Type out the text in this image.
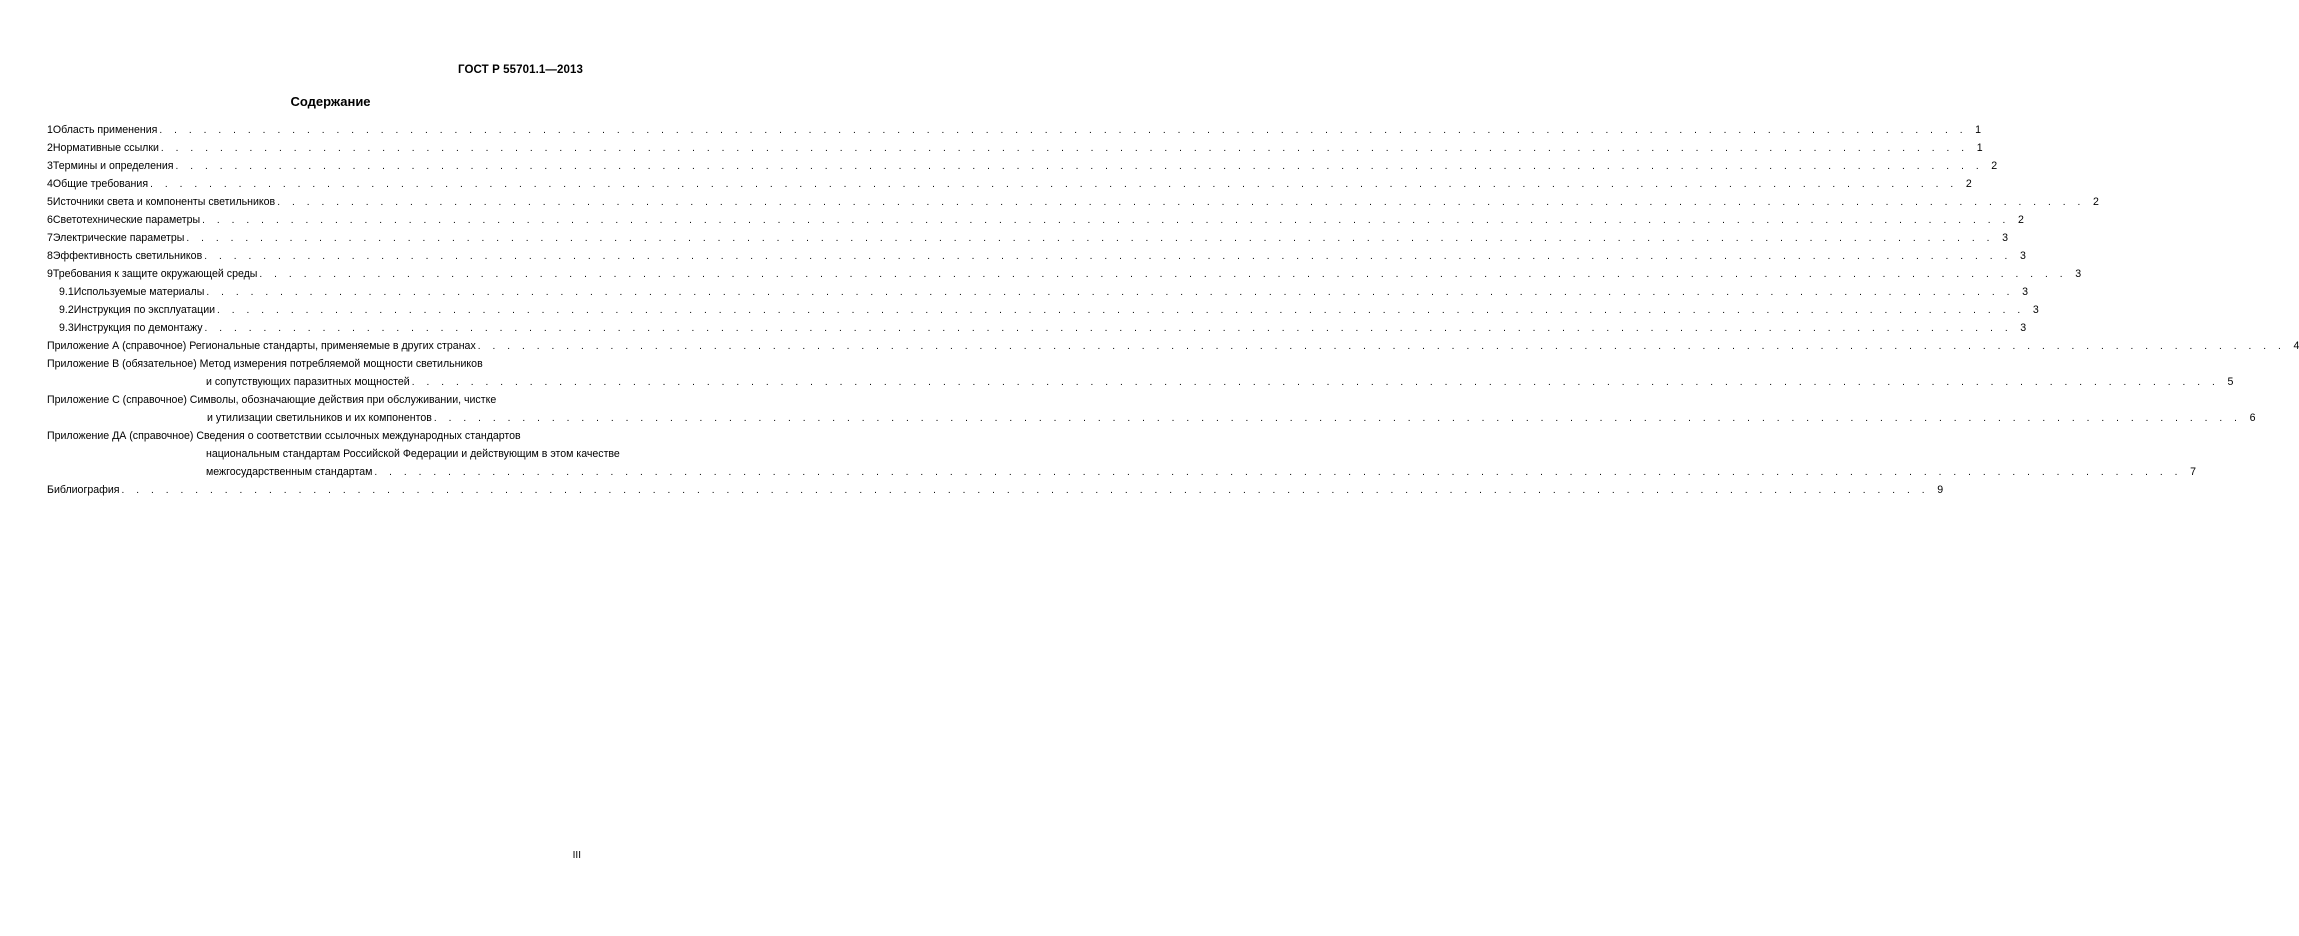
ГОСТ Р 55701.1—2013
Содержание
1 Область применения . . . . . . . . . . . . . . . . . . . . . . . . . . . . . . . . . . . . . . . . . . . . . . . . . . . . . . . . . . . . . . . . . . . . . . . . . . . . . . . . . . . . . . . . . . . . . . . . . . . . . . . . . . . . . . . . . . . . . . . . . . . 1
2 Нормативные ссылки . . . . . . . . . . . . . . . . . . . . . . . . . . . . . . . . . . . . . . . . . . . . . . . . . . . . . . . . . . . . . . . . . . . . . . . . . . . . . . . . . . . . . . . . . . . . . . . . . . . . . . . . . . . . . . . . . . . . . . . . . . . 1
3 Термины и определения . . . . . . . . . . . . . . . . . . . . . . . . . . . . . . . . . . . . . . . . . . . . . . . . . . . . . . . . . . . . . . . . . . . . . . . . . . . . . . . . . . . . . . . . . . . . . . . . . . . . . . . . . . . . . . . . . . . . . . . . . . . 2
4 Общие требования . . . . . . . . . . . . . . . . . . . . . . . . . . . . . . . . . . . . . . . . . . . . . . . . . . . . . . . . . . . . . . . . . . . . . . . . . . . . . . . . . . . . . . . . . . . . . . . . . . . . . . . . . . . . . . . . . . . . . . . . . . . 2
5 Источники света и компоненты светильников . . . . . . . . . . . . . . . . . . . . . . . . . . . . . . . . . . . . . . . . . . . . . . . . . . . . . . . . . . . . . . . . . . . . . . . . . . . . . . . . . . . . . . . . . . . . . . . . . . . . . . . . . . . . . . . . . . . . . . . . . . . 2
6 Светотехнические параметры . . . . . . . . . . . . . . . . . . . . . . . . . . . . . . . . . . . . . . . . . . . . . . . . . . . . . . . . . . . . . . . . . . . . . . . . . . . . . . . . . . . . . . . . . . . . . . . . . . . . . . . . . . . . . . . . . . . . . . . . . . . 2
7 Электрические параметры . . . . . . . . . . . . . . . . . . . . . . . . . . . . . . . . . . . . . . . . . . . . . . . . . . . . . . . . . . . . . . . . . . . . . . . . . . . . . . . . . . . . . . . . . . . . . . . . . . . . . . . . . . . . . . . . . . . . . . . . . . . 3
8 Эффективность светильников . . . . . . . . . . . . . . . . . . . . . . . . . . . . . . . . . . . . . . . . . . . . . . . . . . . . . . . . . . . . . . . . . . . . . . . . . . . . . . . . . . . . . . . . . . . . . . . . . . . . . . . . . . . . . . . . . . . . . . . . . . . 3
9 Требования к защите окружающей среды . . . . . . . . . . . . . . . . . . . . . . . . . . . . . . . . . . . . . . . . . . . . . . . . . . . . . . . . . . . . . . . . . . . . . . . . . . . . . . . . . . . . . . . . . . . . . . . . . . . . . . . . . . . . . . . . . . . . . . . . . . . 3
9.1 Используемые материалы . . . . . . . . . . . . . . . . . . . . . . . . . . . . . . . . . . . . . . . . . . . . . . . . . . . . . . . . . . . . . . . . . . . . . . . . . . . . . . . . . . . . . . . . . . . . . . . . . . . . . . . . . . . . . . . . . . . . . . . . . . . 3
9.2 Инструкция по эксплуатации . . . . . . . . . . . . . . . . . . . . . . . . . . . . . . . . . . . . . . . . . . . . . . . . . . . . . . . . . . . . . . . . . . . . . . . . . . . . . . . . . . . . . . . . . . . . . . . . . . . . . . . . . . . . . . . . . . . . . . . . . . . 3
9.3 Инструкция по демонтажу . . . . . . . . . . . . . . . . . . . . . . . . . . . . . . . . . . . . . . . . . . . . . . . . . . . . . . . . . . . . . . . . . . . . . . . . . . . . . . . . . . . . . . . . . . . . . . . . . . . . . . . . . . . . . . . . . . . . . . . . . . . 3
Приложение А (справочное) Региональные стандарты, применяемые в других странах . . . . . . . . . . . . . . . . . . . . . . . . . . . . . . . . . . . . . . . . . . . . . . . . . . . . . . . . . . . . . . . . . . . . . . . . . . . . . . . . . . . . . . . . . . . . . . . . . . . . . . . . . . . . . . . . . . . . . . . . . . . 4
Приложение В (обязательное) Метод измерения потребляемой мощности светильников
и сопутствующих паразитных мощностей . . . . . . . . . . . . . . . . . . . . . . . . . . . . . . . . . . . . . . . . . . . . . . . . . . . . . . . . . . . . . . . . . . . . . . . . . . . . . . . . . . . . . . . . . . . . . . . . . . . . . . . . . . . . . . . . . . . . . . . . . . . 5
Приложение С (справочное) Символы, обозначающие действия при обслуживании, чистке
и утилизации светильников и их компонентов . . . . . . . . . . . . . . . . . . . . . . . . . . . . . . . . . . . . . . . . . . . . . . . . . . . . . . . . . . . . . . . . . . . . . . . . . . . . . . . . . . . . . . . . . . . . . . . . . . . . . . . . . . . . . . . . . . . . . . . . . . . 6
Приложение ДА (справочное) Сведения о соответствии ссылочных международных стандартов
национальным стандартам Российской Федерации и действующим в этом качестве
межгосударственным стандартам . . . . . . . . . . . . . . . . . . . . . . . . . . . . . . . . . . . . . . . . . . . . . . . . . . . . . . . . . . . . . . . . . . . . . . . . . . . . . . . . . . . . . . . . . . . . . . . . . . . . . . . . . . . . . . . . . . . . . . . . . . . 7
Библиография . . . . . . . . . . . . . . . . . . . . . . . . . . . . . . . . . . . . . . . . . . . . . . . . . . . . . . . . . . . . . . . . . . . . . . . . . . . . . . . . . . . . . . . . . . . . . . . . . . . . . . . . . . . . . . . . . . . . . . . . . . . 9
III
